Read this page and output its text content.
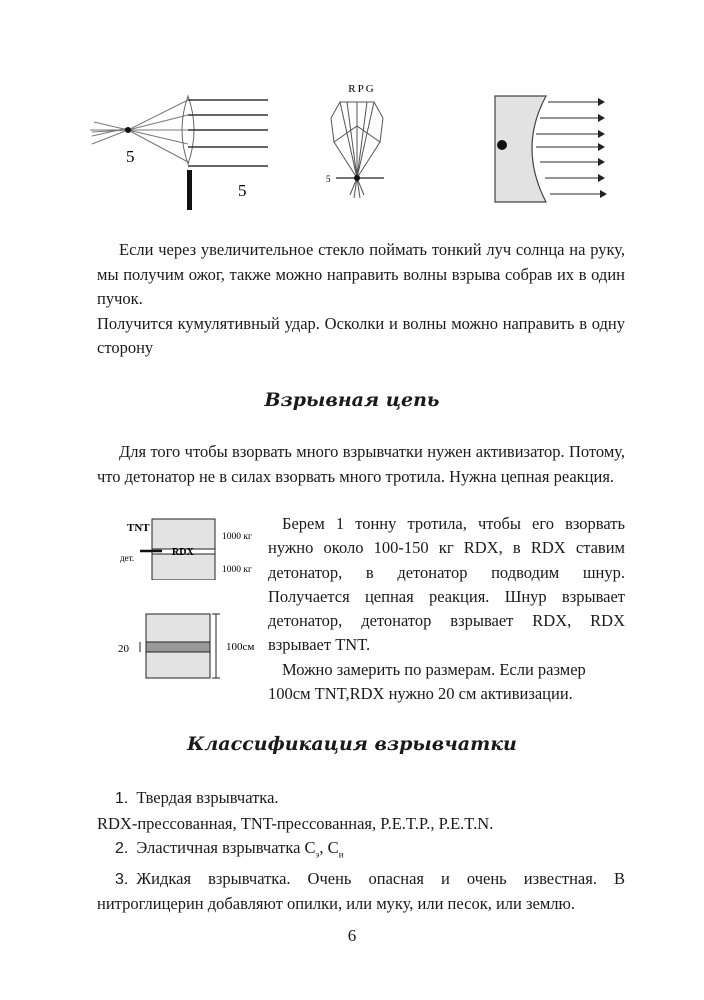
5
5
RPG
5

Если через увеличительное стекло поймать тонкий луч солнца на руку, мы получим ожог, также можно направить волны взрыва собрав их в один пучок.

Получится кумулятивный удар. Осколки и волны можно направить в одну сторону

Взрывная цепь

Для того чтобы взорвать много взрывчатки нужен активизатор. Потому, что детонатор не в силах взорвать много тротила. Нужна цепная реакция.

TNT
дет.	RDX
1000 кг
1000 кг
20	100см

Берем 1 тонну тротила, чтобы его взорвать нужно около 100-150 кг RDX, в RDX ставим детонатор, в детонатор подводим шнур. Получается цепная реакция. Шнур взрывает детонатор, детонатор взрывает RDX, RDX взрывает TNT.

Можно замерить по размерам. Если размер 100см TNT,RDX нужно 20 см активизации.

Классификация взрывчатки

1. Твердая взрывчатка.

RDX-прессованная, TNT-прессованная, P.E.T.P., P.E.T.N.

2. Эластичная взрывчатка $C_э$, $C_и$

3. Жидкая взрывчатка. Очень опасная и очень известная. В нитроглицерин добавляют опилки, или муку, или песок, или землю.

6
